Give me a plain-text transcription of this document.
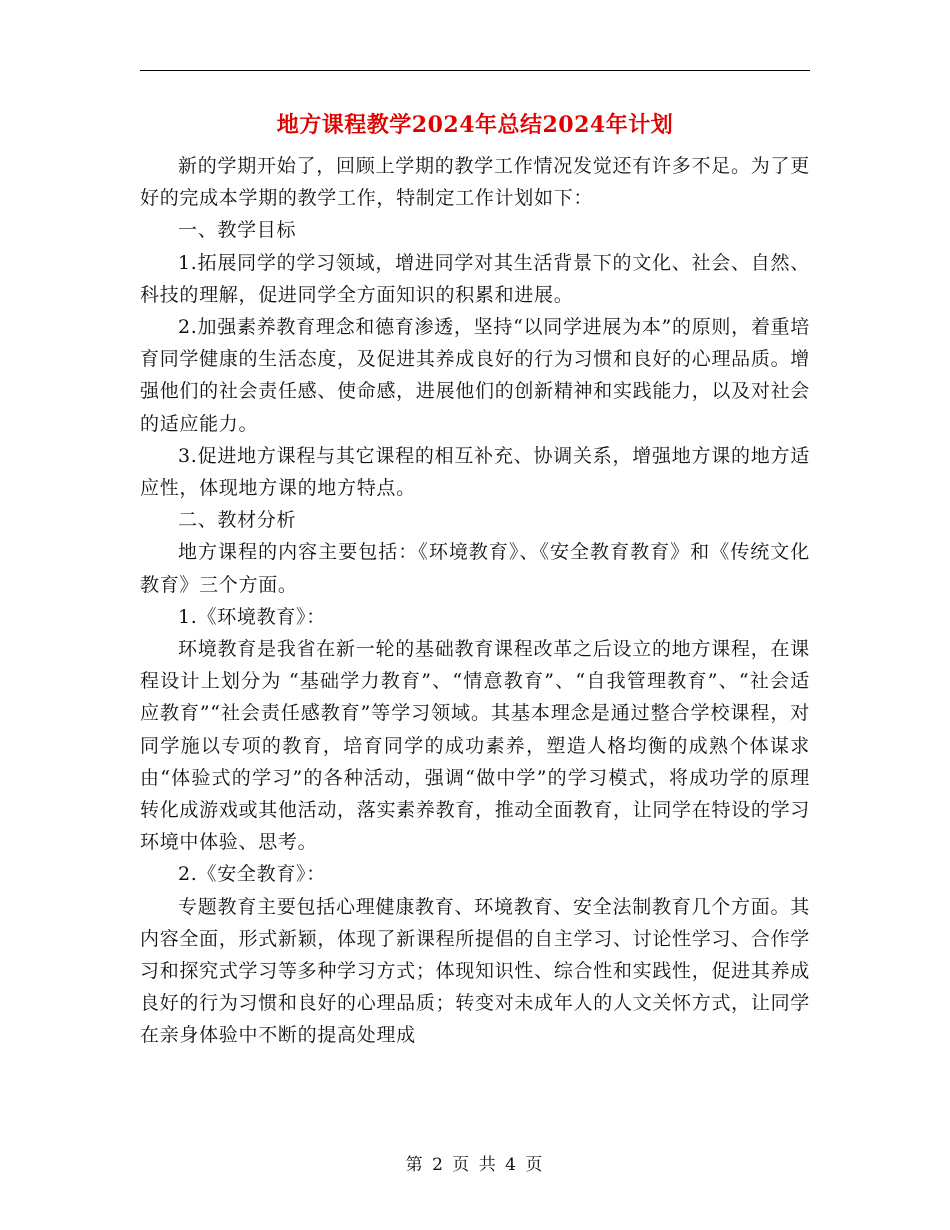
地方课程教学2024年总结2024年计划

新的学期开始了，回顾上学期的教学工作情况发觉还有许多不足。为了更好的完成本学期的教学工作，特制定工作计划如下：

一、教学目标

1.拓展同学的学习领域，增进同学对其生活背景下的文化、社会、自然、科技的理解，促进同学全方面知识的积累和进展。

2.加强素养教育理念和德育渗透，坚持“以同学进展为本”的原则，着重培育同学健康的生活态度，及促进其养成良好的行为习惯和良好的心理品质。增强他们的社会责任感、使命感，进展他们的创新精神和实践能力，以及对社会的适应能力。

3.促进地方课程与其它课程的相互补充、协调关系，增强地方课的地方适应性，体现地方课的地方特点。

二、教材分析

地方课程的内容主要包括：《环境教育》、《安全教育教育》和《传统文化教育》三个方面。

1.《环境教育》：

环境教育是我省在新一轮的基础教育课程改革之后设立的地方课程，在课程设计上划分为 “基础学力教育”、“情意教育”、“自我管理教育”、“社会适应教育”“社会责任感教育”等学习领域。其基本理念是通过整合学校课程，对同学施以专项的教育，培育同学的成功素养，塑造人格均衡的成熟个体谋求由“体验式的学习”的各种活动，强调“做中学”的学习模式，将成功学的原理转化成游戏或其他活动，落实素养教育，推动全面教育，让同学在特设的学习环境中体验、思考。

2.《安全教育》：

专题教育主要包括心理健康教育、环境教育、安全法制教育几个方面。其内容全面，形式新颖，体现了新课程所提倡的自主学习、讨论性学习、合作学习和探究式学习等多种学习方式；体现知识性、综合性和实践性，促进其养成良好的行为习惯和良好的心理品质；转变对未成年人的人文关怀方式，让同学在亲身体验中不断的提高处理成

第 2 页 共 4 页
